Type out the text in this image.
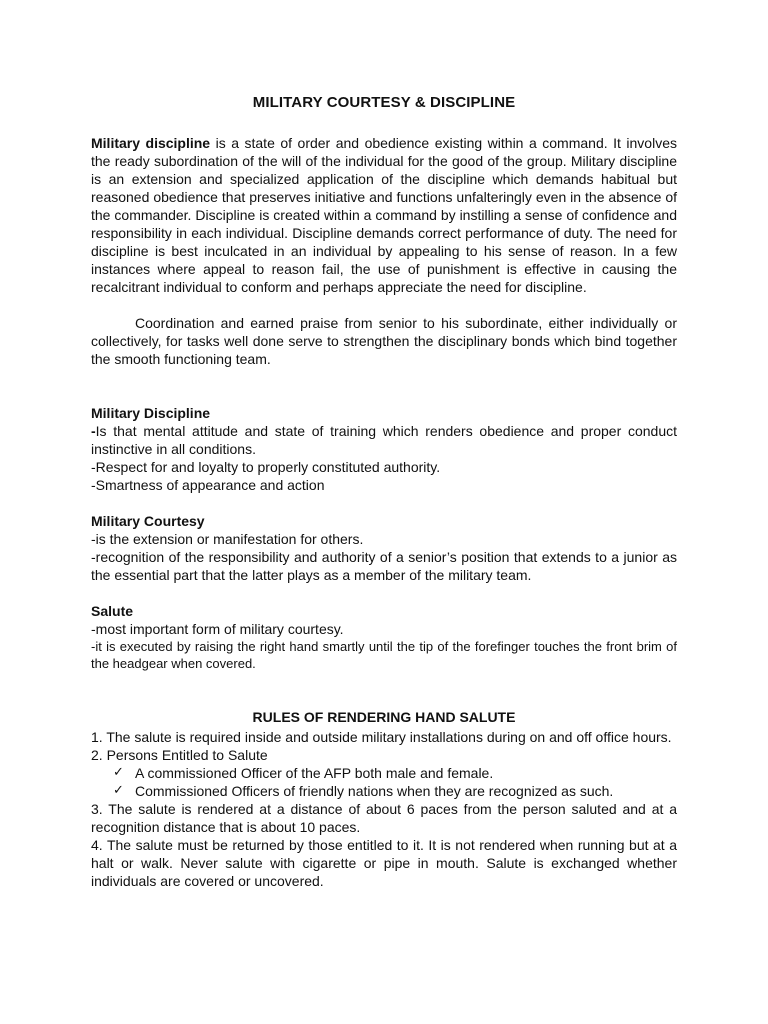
MILITARY COURTESY & DISCIPLINE

Military discipline is a state of order and obedience existing within a command. It involves the ready subordination of the will of the individual for the good of the group. Military discipline is an extension and specialized application of the discipline which demands habitual but reasoned obedience that preserves initiative and functions unfalteringly even in the absence of the commander. Discipline is created within a command by instilling a sense of confidence and responsibility in each individual. Discipline demands correct performance of duty. The need for discipline is best inculcated in an individual by appealing to his sense of reason. In a few instances where appeal to reason fail, the use of punishment is effective in causing the recalcitrant individual to conform and perhaps appreciate the need for discipline.

Coordination and earned praise from senior to his subordinate, either individually or collectively, for tasks well done serve to strengthen the disciplinary bonds which bind together the smooth functioning team.

Military Discipline

-Is that mental attitude and state of training which renders obedience and proper conduct instinctive in all conditions.

-Respect for and loyalty to properly constituted authority.

-Smartness of appearance and action

Military Courtesy

-is the extension or manifestation for others.

-recognition of the responsibility and authority of a senior’s position that extends to a junior as the essential part that the latter plays as a member of the military team.

Salute

-most important form of military courtesy.

-it is executed by raising the right hand smartly until the tip of the forefinger touches the front brim of the headgear when covered.

RULES OF RENDERING HAND SALUTE

1. The salute is required inside and outside military installations during on and off office hours.

2. Persons Entitled to Salute

✓ A commissioned Officer of the AFP both male and female.
✓ Commissioned Officers of friendly nations when they are recognized as such.

3. The salute is rendered at a distance of about 6 paces from the person saluted and at a recognition distance that is about 10 paces.

4. The salute must be returned by those entitled to it. It is not rendered when running but at a halt or walk. Never salute with cigarette or pipe in mouth. Salute is exchanged whether individuals are covered or uncovered.
